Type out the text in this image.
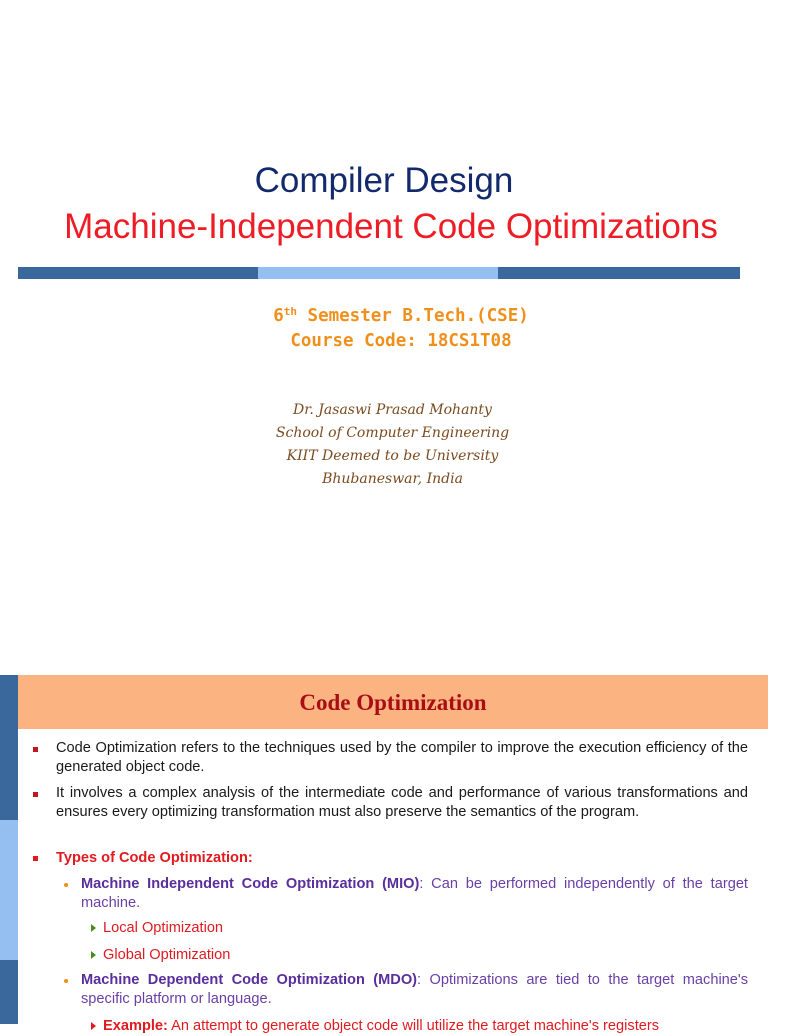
Compiler Design
Machine-Independent Code Optimizations
6th Semester B.Tech.(CSE)
Course Code: 18CS1T08
Dr. Jasaswi Prasad Mohanty
School of Computer Engineering
KIIT Deemed to be University
Bhubaneswar, India
Code Optimization
Code Optimization refers to the techniques used by the compiler to improve the execution efficiency of the generated object code.
It involves a complex analysis of the intermediate code and performance of various transformations and ensures every optimizing transformation must also preserve the semantics of the program.
Types of Code Optimization:
Machine Independent Code Optimization (MIO): Can be performed independently of the target machine.
Local Optimization
Global Optimization
Machine Dependent Code Optimization (MDO): Optimizations are tied to the target machine's specific platform or language.
Example: An attempt to generate object code will utilize the target machine's registers
